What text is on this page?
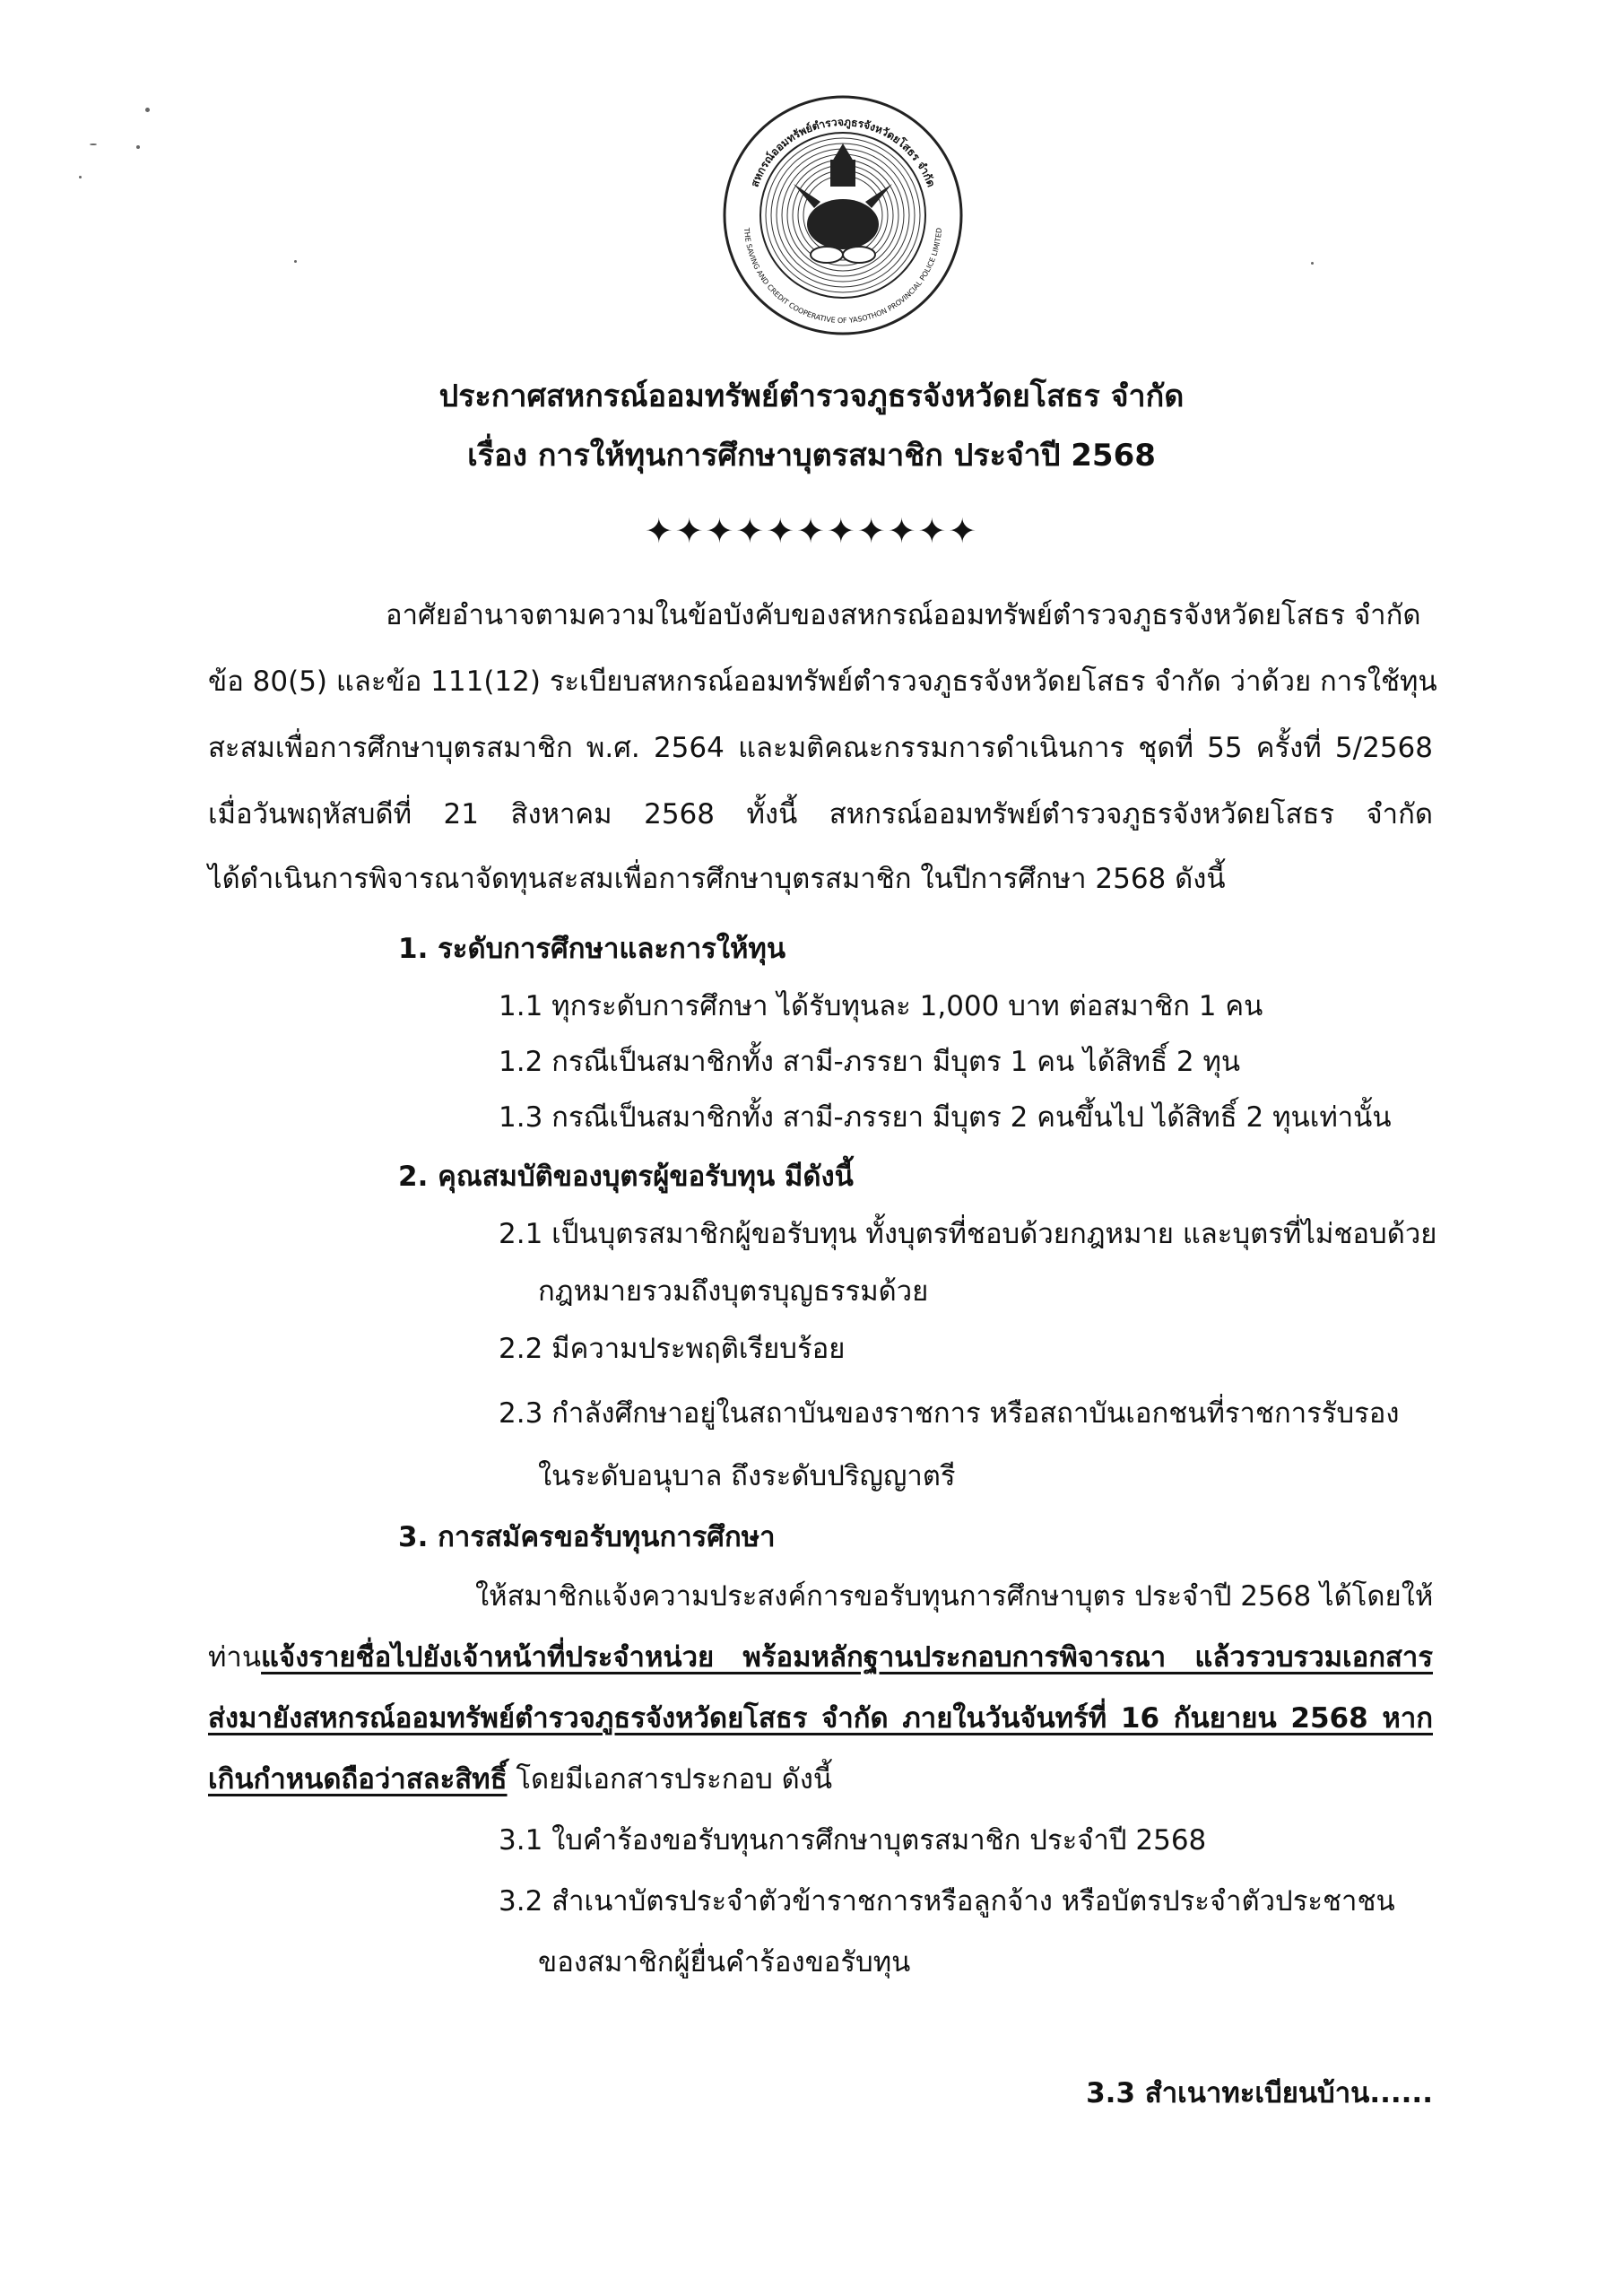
สหกรณ์ออมทรัพย์ตำรวจภูธรจังหวัดยโสธร จำกัด
THE SAVING AND CREDIT COOPERATIVE OF YASOTHON PROVINCIAL POLICE LIMITED
ประกาศสหกรณ์ออมทรัพย์ตำรวจภูธรจังหวัดยโสธร จำกัด
เรื่อง การให้ทุนการศึกษาบุตรสมาชิก ประจำปี 2568
✦✦✦✦✦✦✦✦✦✦✦
อาศัยอำนาจตามความในข้อบังคับของสหกรณ์ออมทรัพย์ตำรวจภูธรจังหวัดยโสธร จำกัด
ข้อ 80(5) และข้อ 111(12) ระเบียบสหกรณ์ออมทรัพย์ตำรวจภูธรจังหวัดยโสธร จำกัด ว่าด้วย การใช้ทุน
สะสมเพื่อการศึกษาบุตรสมาชิก พ.ศ. 2564 และมติคณะกรรมการดำเนินการ ชุดที่ 55 ครั้งที่ 5/2568
เมื่อวันพฤหัสบดีที่ 21 สิงหาคม 2568 ทั้งนี้ สหกรณ์ออมทรัพย์ตำรวจภูธรจังหวัดยโสธร จำกัด
ได้ดำเนินการพิจารณาจัดทุนสะสมเพื่อการศึกษาบุตรสมาชิก ในปีการศึกษา 2568 ดังนี้
1. ระดับการศึกษาและการให้ทุน
1.1 ทุกระดับการศึกษา ได้รับทุนละ 1,000 บาท ต่อสมาชิก 1 คน
1.2 กรณีเป็นสมาชิกทั้ง สามี-ภรรยา มีบุตร 1 คน ได้สิทธิ์ 2 ทุน
1.3 กรณีเป็นสมาชิกทั้ง สามี-ภรรยา มีบุตร 2 คนขึ้นไป ได้สิทธิ์ 2 ทุนเท่านั้น
2. คุณสมบัติของบุตรผู้ขอรับทุน มีดังนี้
2.1 เป็นบุตรสมาชิกผู้ขอรับทุน ทั้งบุตรที่ชอบด้วยกฎหมาย และบุตรที่ไม่ชอบด้วย
กฎหมายรวมถึงบุตรบุญธรรมด้วย
2.2 มีความประพฤติเรียบร้อย
2.3 กำลังศึกษาอยู่ในสถาบันของราชการ หรือสถาบันเอกชนที่ราชการรับรอง
ในระดับอนุบาล ถึงระดับปริญญาตรี
3. การสมัครขอรับทุนการศึกษา
ให้สมาชิกแจ้งความประสงค์การขอรับทุนการศึกษาบุตร ประจำปี 2568 ได้โดยให้
ท่านแจ้งรายชื่อไปยังเจ้าหน้าที่ประจำหน่วย พร้อมหลักฐานประกอบการพิจารณา แล้วรวบรวมเอกสาร
ส่งมายังสหกรณ์ออมทรัพย์ตำรวจภูธรจังหวัดยโสธร จำกัด ภายในวันจันทร์ที่ 16 กันยายน 2568 หาก
เกินกำหนดถือว่าสละสิทธิ์ โดยมีเอกสารประกอบ ดังนี้
3.1 ใบคำร้องขอรับทุนการศึกษาบุตรสมาชิก ประจำปี 2568
3.2 สำเนาบัตรประจำตัวข้าราชการหรือลูกจ้าง หรือบัตรประจำตัวประชาชน
ของสมาชิกผู้ยื่นคำร้องขอรับทุน
3.3 สำเนาทะเบียนบ้าน......
